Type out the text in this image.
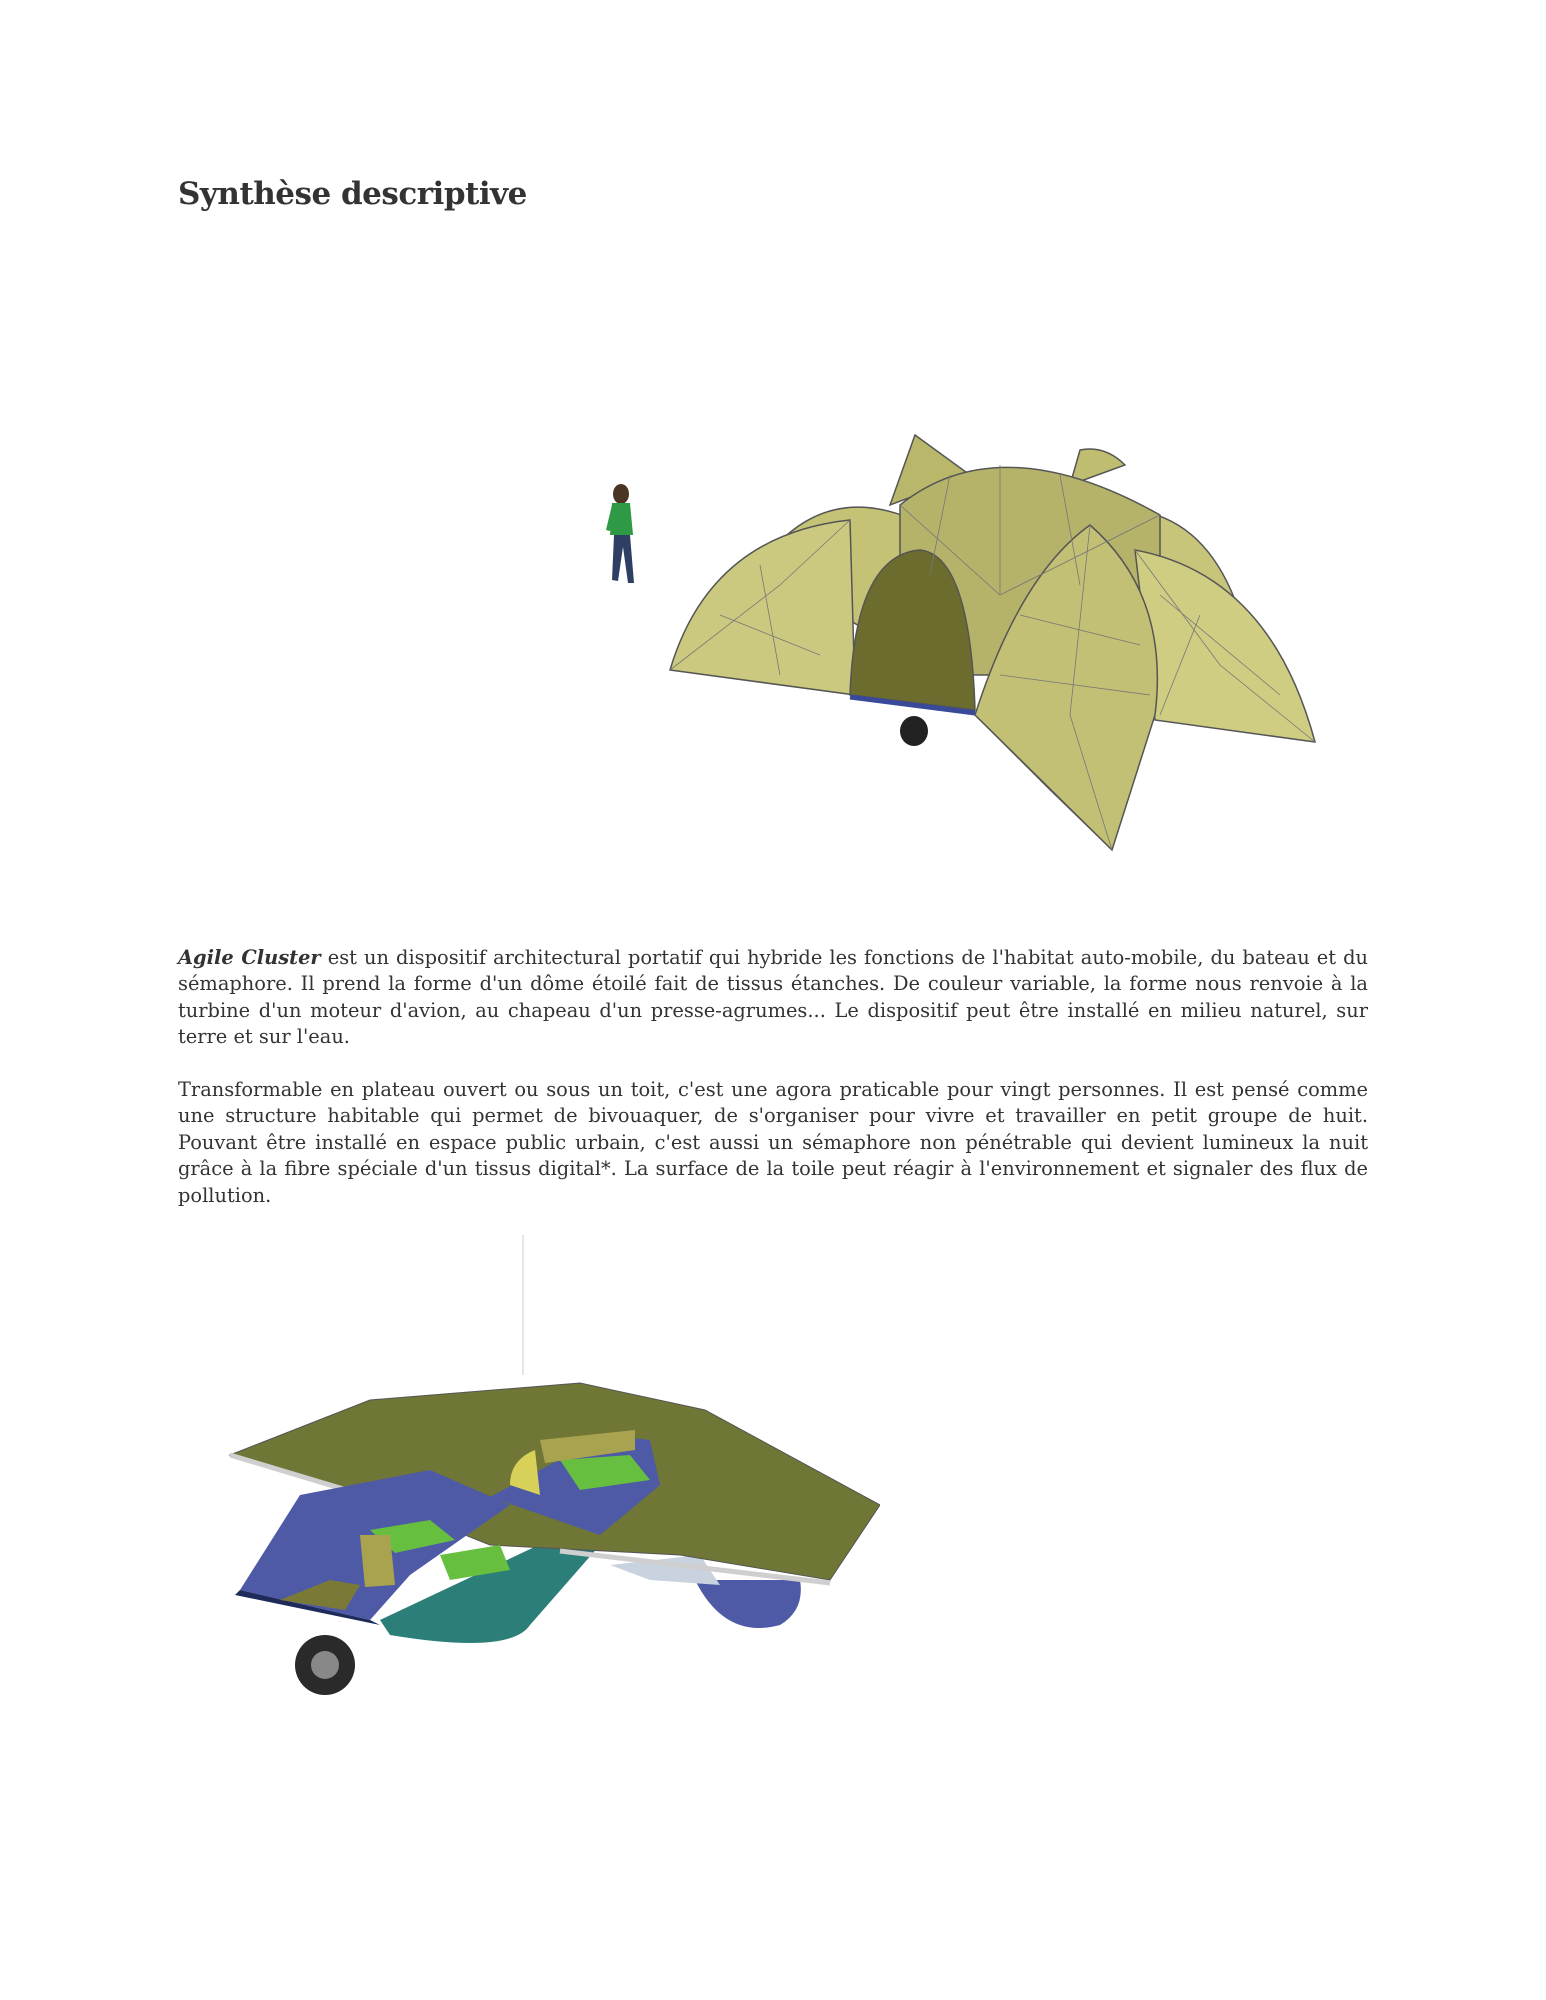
Synthèse descriptive

Agile Cluster est un dispositif architectural portatif qui hybride les fonctions de l'habitat auto-mobile, du bateau et du sémaphore. Il prend la forme d'un dôme étoilé fait de tissus étanches. De couleur variable, la forme nous renvoie à la turbine d'un moteur d'avion, au chapeau d'un presse-agrumes... Le dispositif peut être installé en milieu naturel, sur terre et sur l'eau.

Transformable en plateau ouvert ou sous un toit, c'est une agora praticable pour vingt personnes. Il est pensé comme une structure habitable qui permet de bivouaquer, de s'organiser pour vivre et travailler en petit groupe de huit. Pouvant être installé en espace public urbain, c'est aussi un sémaphore non pénétrable qui devient lumineux la nuit grâce à la fibre spéciale d'un tissus digital*. La surface de la toile peut réagir à l'environnement et signaler des flux de pollution.
